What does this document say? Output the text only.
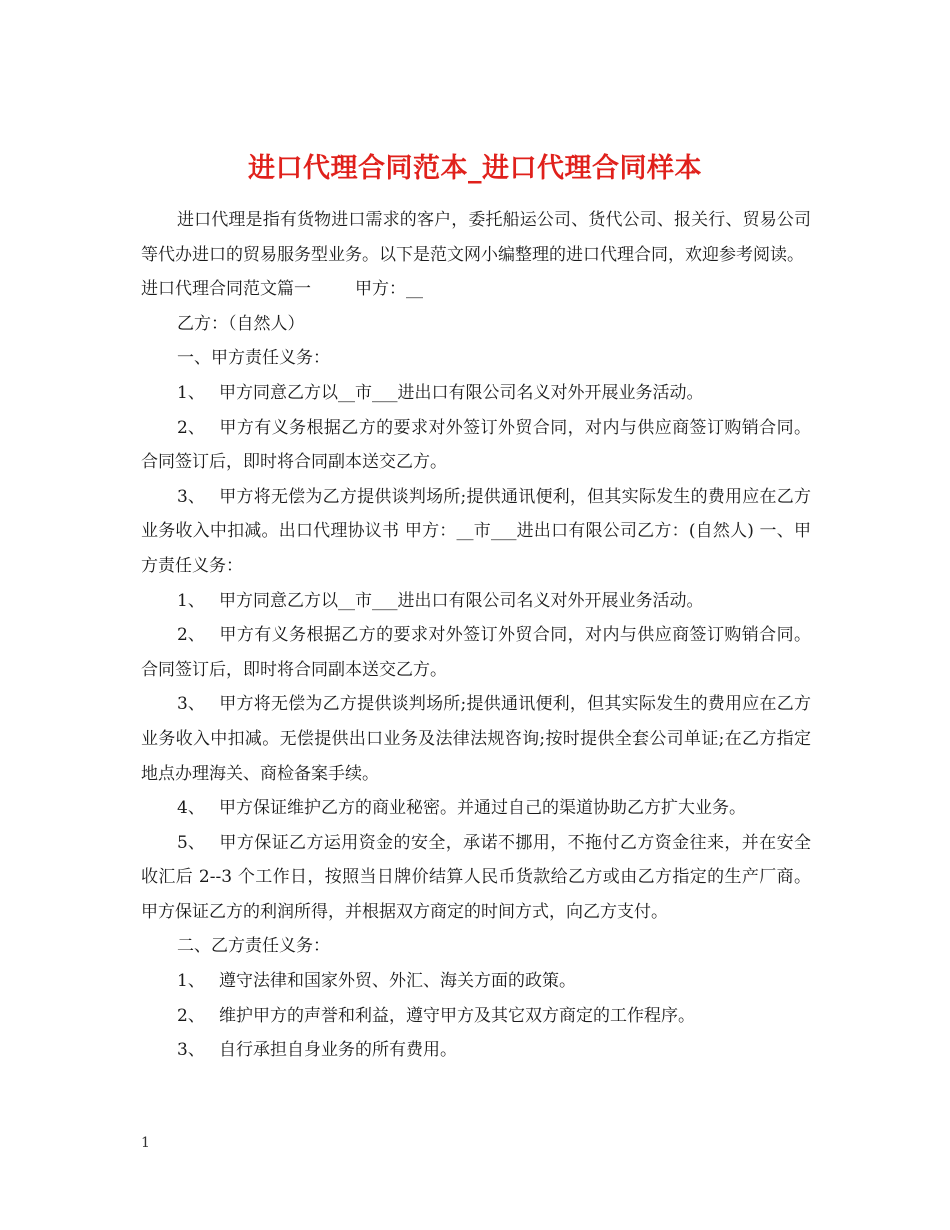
进口代理合同范本_进口代理合同样本

进口代理是指有货物进口需求的客户，委托船运公司、货代公司、报关行、贸易公司等代办进口的贸易服务型业务。以下是范文网小编整理的进口代理合同，欢迎参考阅读。

进口代理合同范文篇一	甲方：__

乙方：（自然人）

一、甲方责任义务：

1、 甲方同意乙方以__市___进出口有限公司名义对外开展业务活动。

2、 甲方有义务根据乙方的要求对外签订外贸合同，对内与供应商签订购销合同。合同签订后，即时将合同副本送交乙方。

3、 甲方将无偿为乙方提供谈判场所;提供通讯便利，但其实际发生的费用应在乙方业务收入中扣减。出口代理协议书 甲方：__市___进出口有限公司乙方：(自然人) 一、甲方责任义务：

1、 甲方同意乙方以__市___进出口有限公司名义对外开展业务活动。

2、 甲方有义务根据乙方的要求对外签订外贸合同，对内与供应商签订购销合同。合同签订后，即时将合同副本送交乙方。

3、 甲方将无偿为乙方提供谈判场所;提供通讯便利，但其实际发生的费用应在乙方业务收入中扣减。无偿提供出口业务及法律法规咨询;按时提供全套公司单证;在乙方指定地点办理海关、商检备案手续。

4、 甲方保证维护乙方的商业秘密。并通过自己的渠道协助乙方扩大业务。

5、 甲方保证乙方运用资金的安全，承诺不挪用，不拖付乙方资金往来，并在安全收汇后 2--3 个工作日，按照当日牌价结算人民币货款给乙方或由乙方指定的生产厂商。甲方保证乙方的利润所得，并根据双方商定的时间方式，向乙方支付。

二、乙方责任义务：

1、 遵守法律和国家外贸、外汇、海关方面的政策。

2、 维护甲方的声誉和利益，遵守甲方及其它双方商定的工作程序。

3、 自行承担自身业务的所有费用。

1
